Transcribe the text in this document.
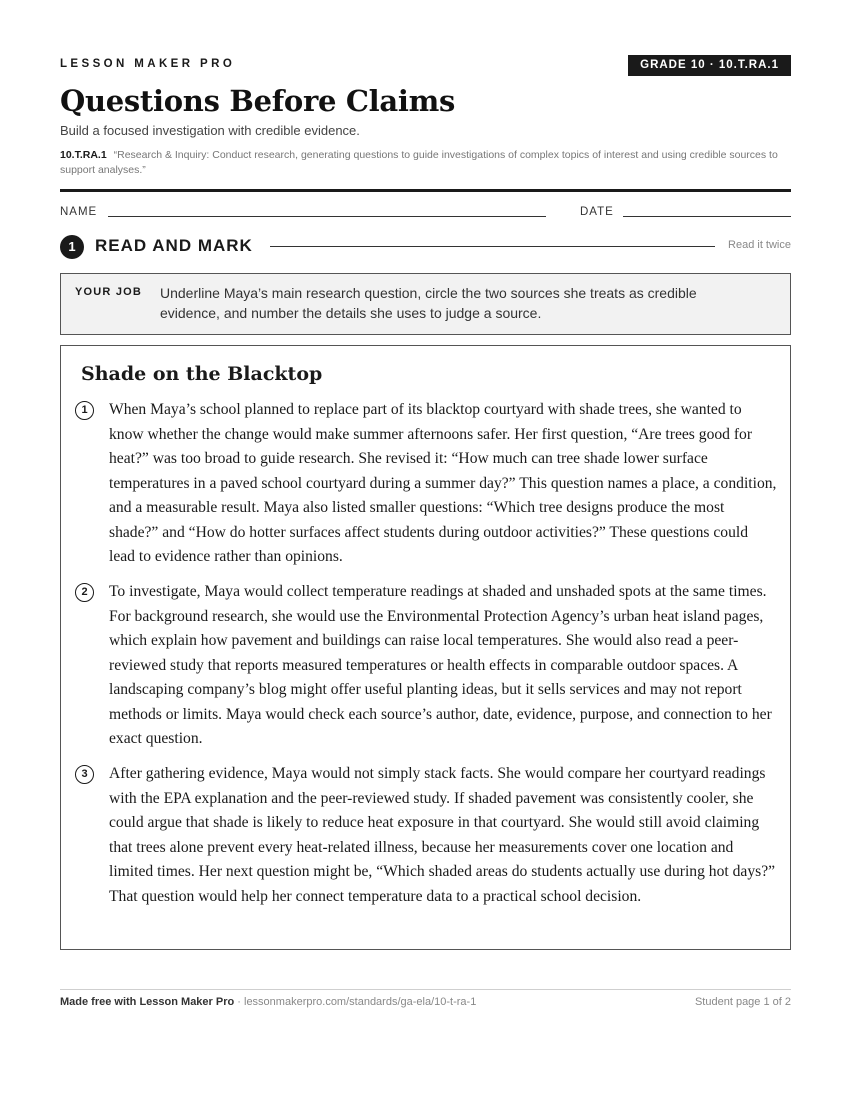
LESSON MAKER PRO	GRADE 10 · 10.T.RA.1
Questions Before Claims
Build a focused investigation with credible evidence.
10.T.RA.1 “Research & Inquiry: Conduct research, generating questions to guide investigations of complex topics of interest and using credible sources to support analyses.”
NAME	DATE
1	READ AND MARK	Read it twice
YOUR JOB Underline Maya’s main research question, circle the two sources she treats as credible evidence, and number the details she uses to judge a source.
Shade on the Blacktop
1	When Maya’s school planned to replace part of its blacktop courtyard with shade trees, she wanted to know whether the change would make summer afternoons safer. Her first question, “Are trees good for heat?” was too broad to guide research. She revised it: “How much can tree shade lower surface temperatures in a paved school courtyard during a summer day?” This question names a place, a condition, and a measurable result. Maya also listed smaller questions: “Which tree designs produce the most shade?” and “How do hotter surfaces affect students during outdoor activities?” These questions could lead to evidence rather than opinions.
2	To investigate, Maya would collect temperature readings at shaded and unshaded spots at the same times. For background research, she would use the Environmental Protection Agency’s urban heat island pages, which explain how pavement and buildings can raise local temperatures. She would also read a peer-reviewed study that reports measured temperatures or health effects in comparable outdoor spaces. A landscaping company’s blog might offer useful planting ideas, but it sells services and may not report methods or limits. Maya would check each source’s author, date, evidence, purpose, and connection to her exact question.
3	After gathering evidence, Maya would not simply stack facts. She would compare her courtyard readings with the EPA explanation and the peer-reviewed study. If shaded pavement was consistently cooler, she could argue that shade is likely to reduce heat exposure in that courtyard. She would still avoid claiming that trees alone prevent every heat-related illness, because her measurements cover one location and limited times. Her next question might be, “Which shaded areas do students actually use during hot days?” That question would help her connect temperature data to a practical school decision.
Made free with Lesson Maker Pro · lessonmakerpro.com/standards/ga-ela/10-t-ra-1	Student page 1 of 2
